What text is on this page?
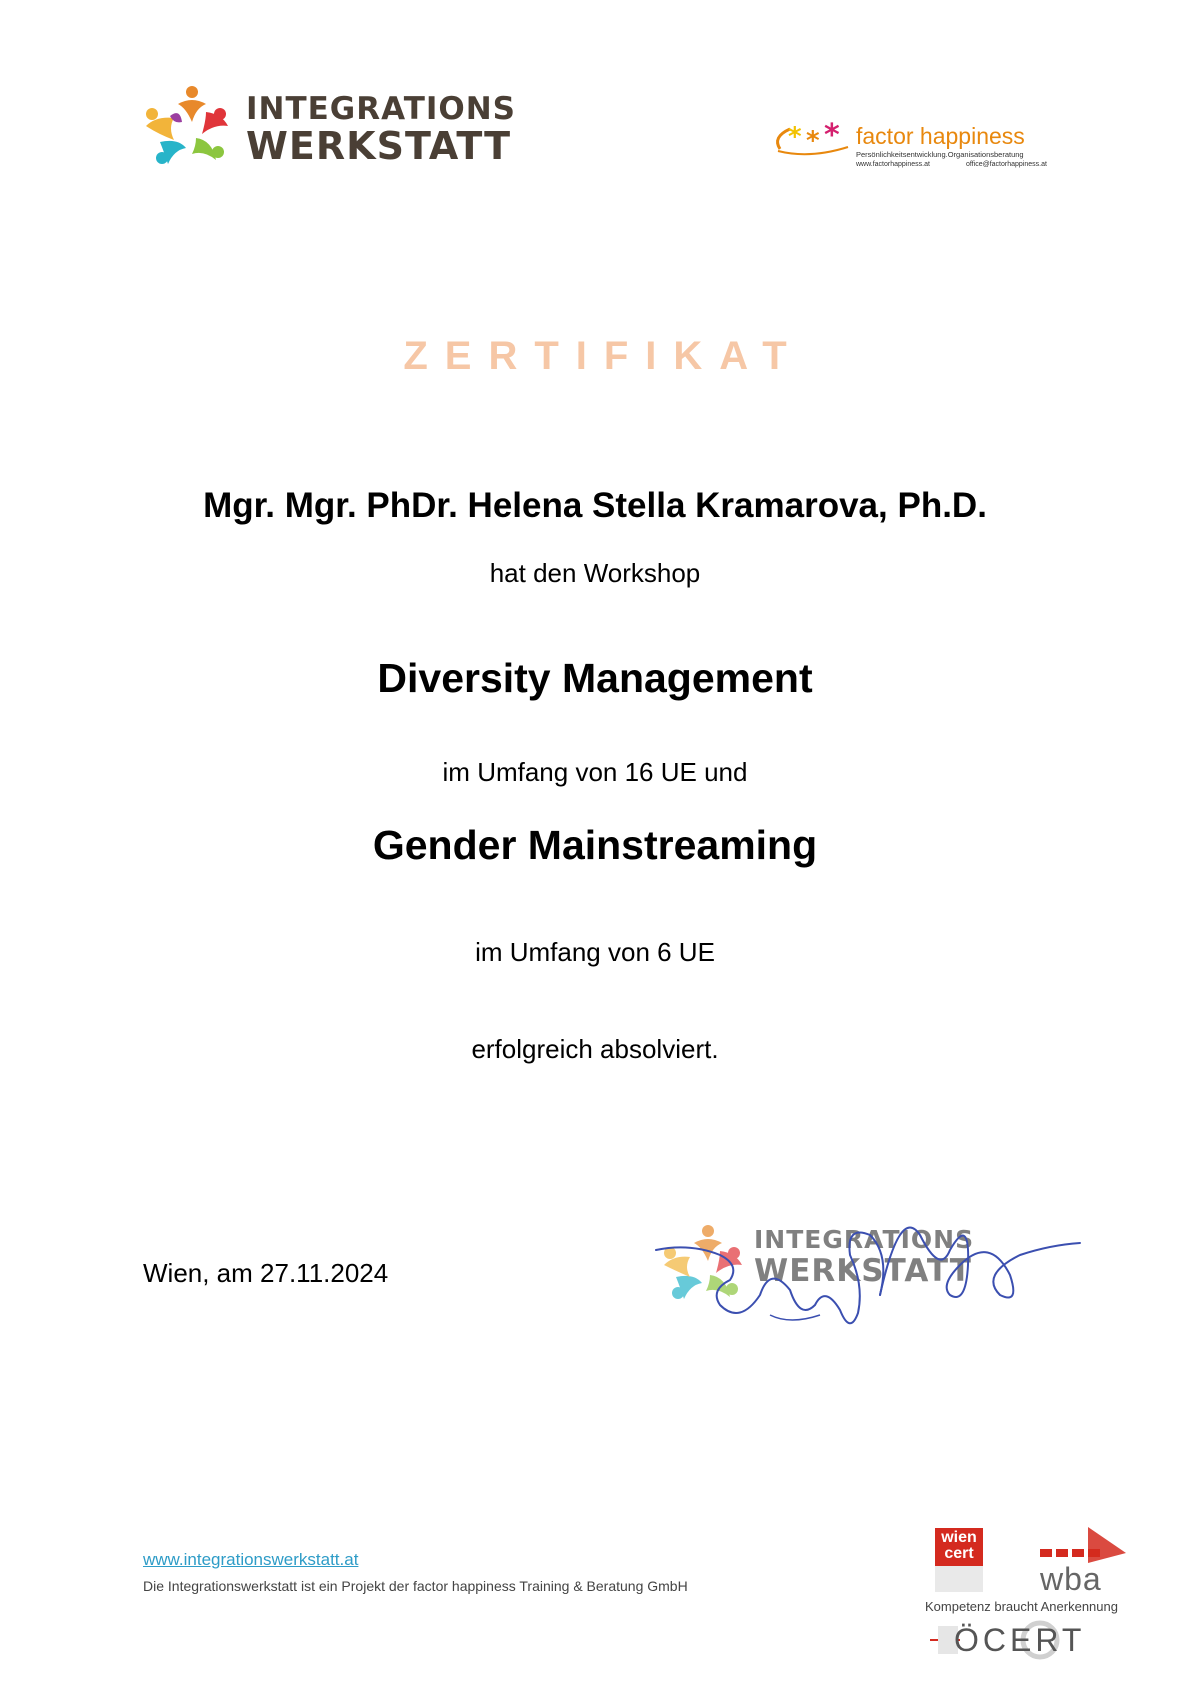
INTEGRATIONS
WERKSTATT	* * * factor happiness
Persönlichkeitsentwicklung.Organisationsberatung
www.factorhappiness.at	office@factorhappiness.at
ZERTIFIKAT
Mgr. Mgr. PhDr. Helena Stella Kramarova, Ph.D.
hat den Workshop
Diversity Management
im Umfang von 16 UE und
Gender Mainstreaming
im Umfang von 6 UE
erfolgreich absolviert.
Wien, am 27.11.2024
INTEGRATIONS
WERKSTATT
www.integrationswerkstatt.at
Die Integrationswerkstatt ist ein Projekt der factor happiness Training & Beratung GmbH
wien cert
wba
Kompetenz braucht Anerkennung
ÖCERT
